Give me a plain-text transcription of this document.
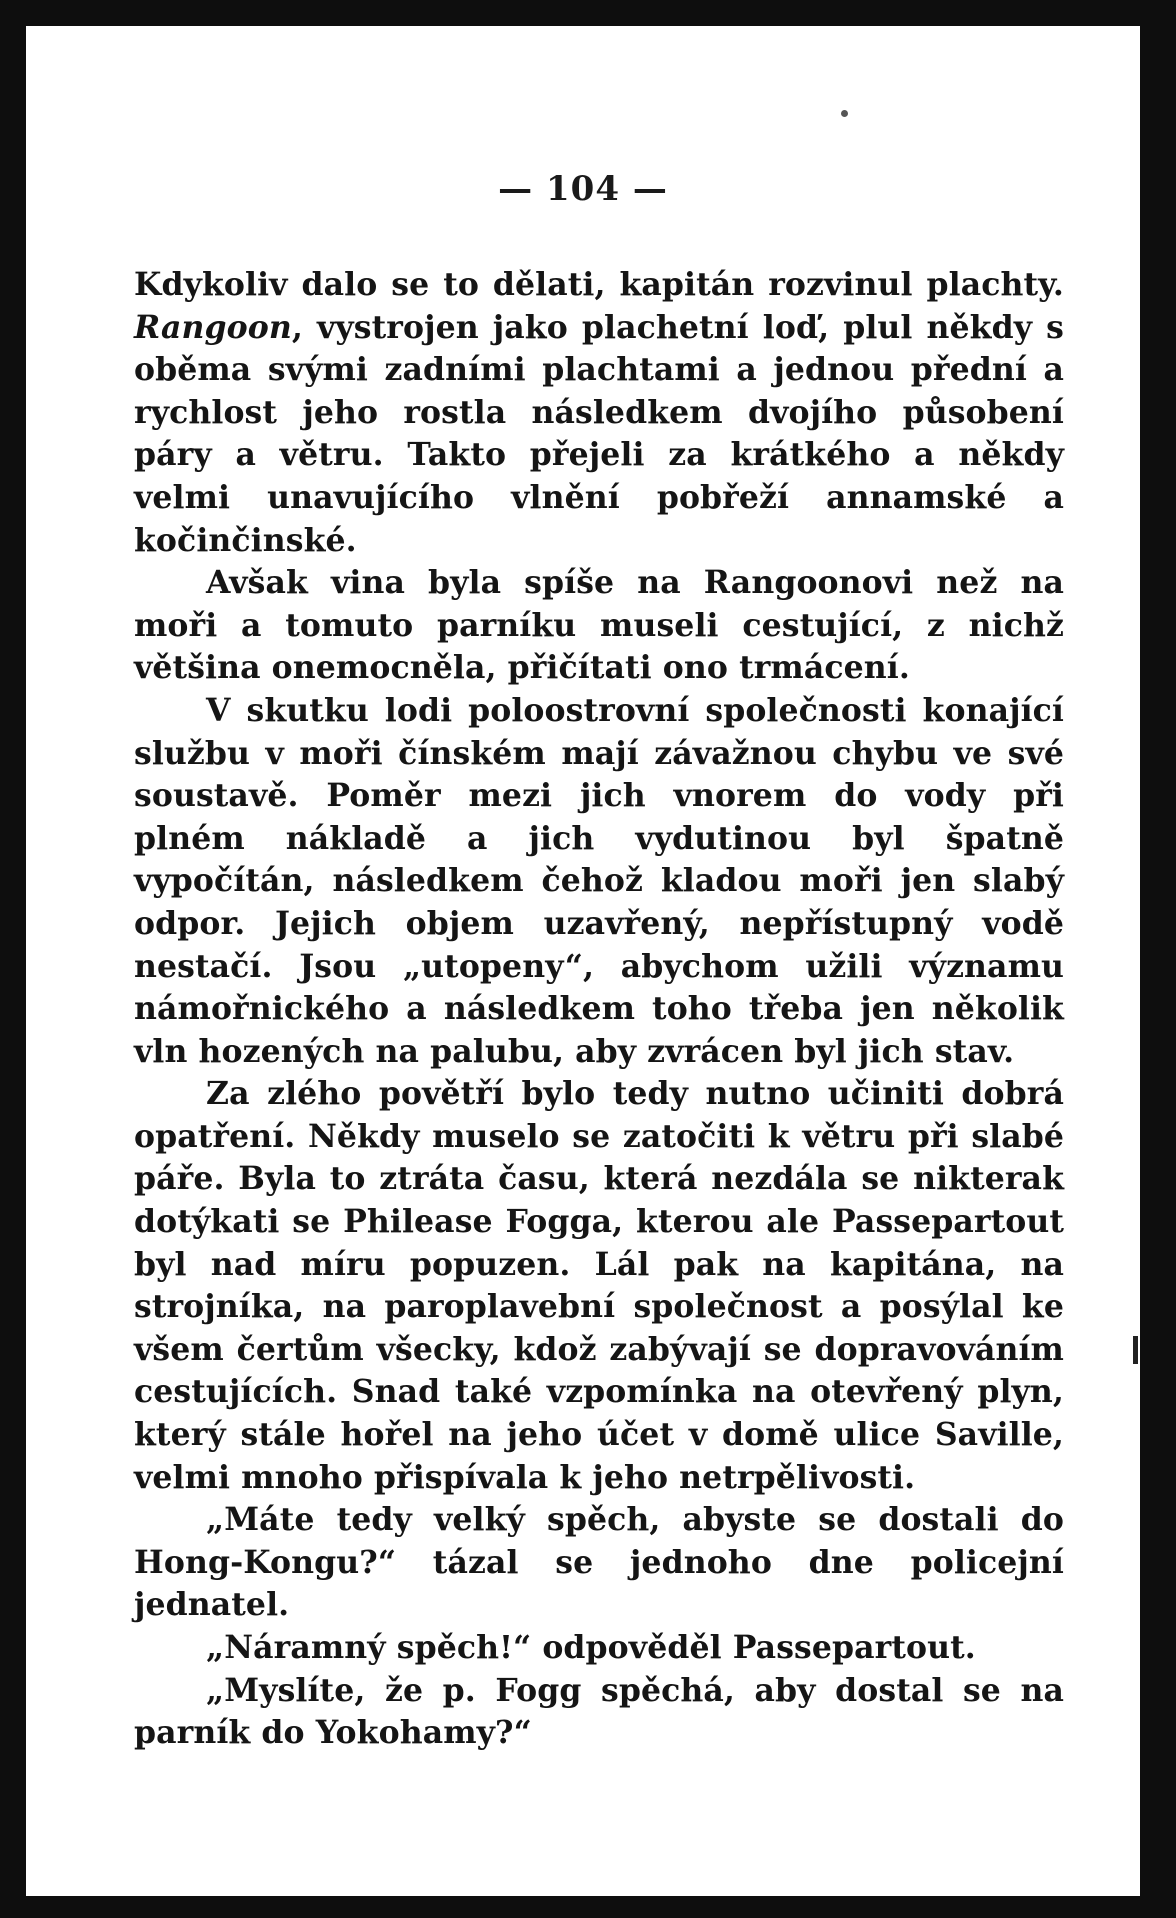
— 104 —

Kdykoliv dalo se to dělati, kapitán rozvinul plachty. Rangoon, vystrojen jako plachetní loď, plul někdy s oběma svými zadními plachtami a jednou přední a rychlost jeho rostla následkem dvojího působení páry a větru. Takto přejeli za krátkého a někdy velmi unavujícího vlnění pobřeží annamské a kočinčinské.

Avšak vina byla spíše na Rangoonovi než na moři a tomuto parníku museli cestující, z nichž většina onemocněla, přičítati ono trmácení.

V skutku lodi poloostrovní společnosti konající službu v moři čínském mají závažnou chybu ve své soustavě. Poměr mezi jich vnorem do vody při plném nákladě a jich vydutinou byl špatně vypočítán, následkem čehož kladou moři jen slabý odpor. Jejich objem uzavřený, nepřístupný vodě nestačí. Jsou „utopeny“, abychom užili významu námořnického a následkem toho třeba jen několik vln hozených na palubu, aby zvrácen byl jich stav.

Za zlého povětří bylo tedy nutno učiniti dobrá opatření. Někdy muselo se zatočiti k větru při slabé páře. Byla to ztráta času, která nezdála se nikterak dotýkati se Philease Fogga, kterou ale Passepartout byl nad míru popuzen. Lál pak na kapitána, na strojníka, na paroplavební společnost a posýlal ke všem čertům všecky, kdož zabývají se dopravováním cestujících. Snad také vzpomínka na otevřený plyn, který stále hořel na jeho účet v domě ulice Saville, velmi mnoho přispívala k jeho netrpělivosti.

„Máte tedy velký spěch, abyste se dostali do Hong-Kongu?“ tázal se jednoho dne policejní jednatel.

„Náramný spěch!“ odpověděl Passepartout.

„Myslíte, že p. Fogg spěchá, aby dostal se na parník do Yokohamy?“
